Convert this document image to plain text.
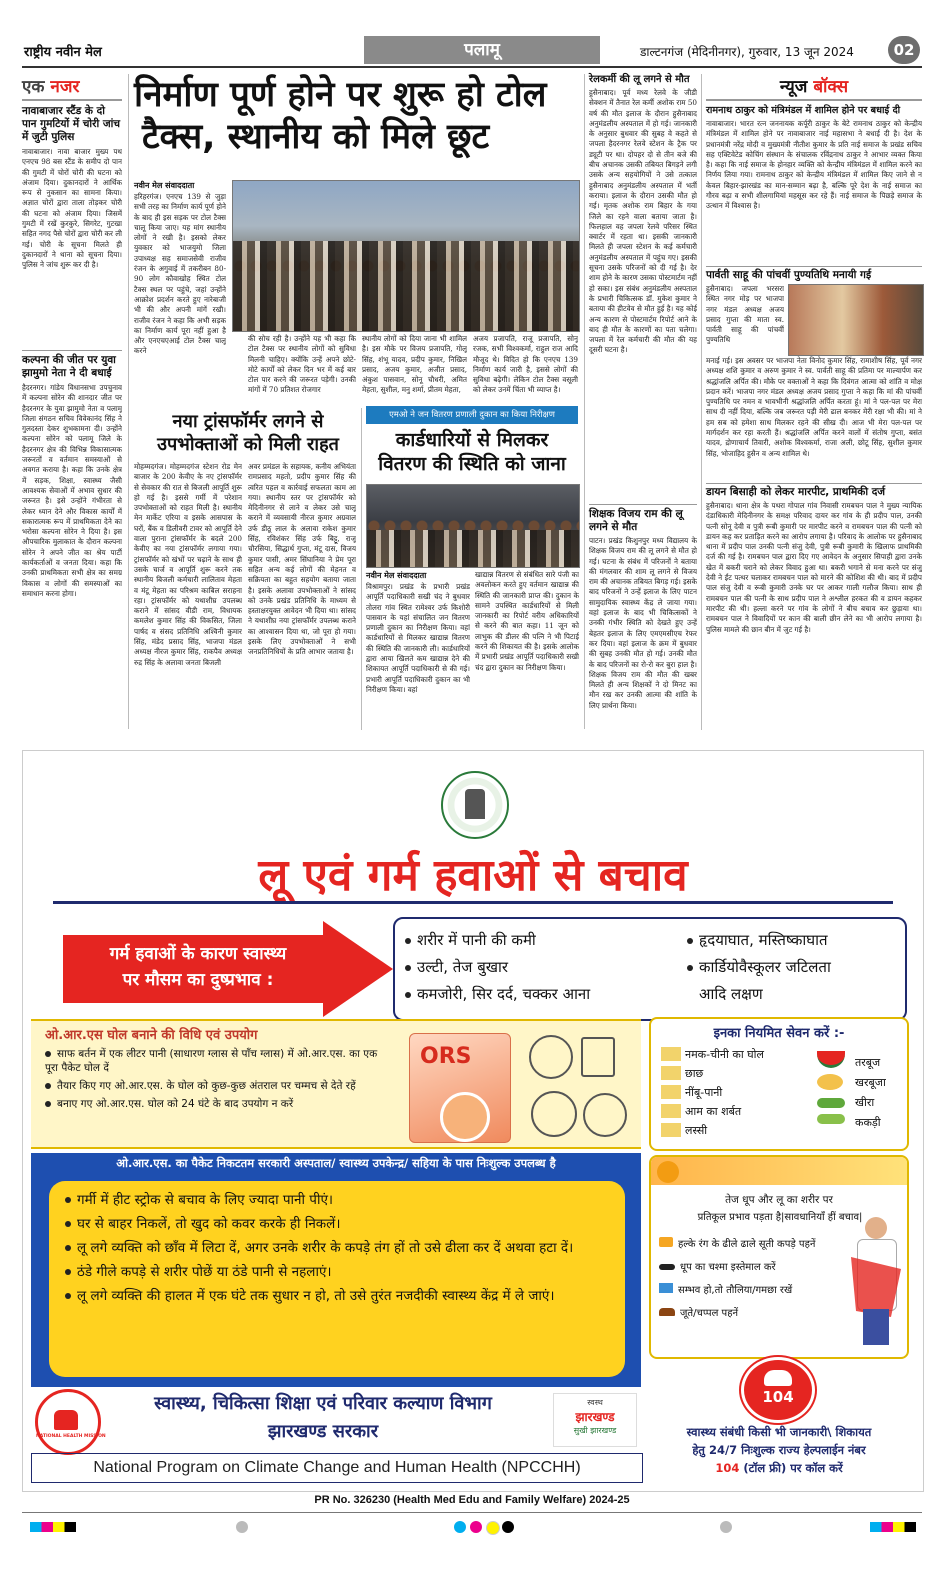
राष्ट्रीय नवीन मेल	पलामू	डाल्टनगंज (मेदिनीनगर), गुरुवार, 13 जून 2024	02
एक नजर
नावाबाजार स्टैंड के दो पान गुमटियों में चोरी जांच में जुटी पुलिस
नावाबाजार। नावा बाजार मुख्य पथ एनएच 98 बस स्टैंड के समीप दो पान की गुमटी में चोरों चोरी की घटना को अंजाम दिया। दुकानदारों ने आर्थिक रूप से नुकसान का सामना किया। अज्ञात चोरों द्वारा ताला तोड़कर चोरी की घटना को अंजाम दिया। जिसमें गुमटी में रखें कुरकुरे, सिगरेट, गुटखा सहित नगद पैसे चोरों द्वारा चोरी कर ली गई। चोरी के सूचना मिलते ही दुकानदारों ने थाना को सूचना दिया। पुलिस ने जांच शुरू कर दी है।
कल्पना की जीत पर युवा झामुमो नेता ने दी बधाई
हैदरनगर। गांडेय विधानसभा उपचुनाव में कल्पना सोरेन की शानदार जीत पर हैदरनगर के युवा झामुमो नेता व पलामू जिला संगठन सचिव विवेकानंद सिंह ने गुलदस्ता देकर शुभकामना दी। उन्होंने कल्पना सोरेन को पलामू जिले के हैदरनगर क्षेत्र की विभिन्न विकासात्मक जरूरतों व वर्तमान समस्याओं से अवगत कराया है। कहा कि उनके क्षेत्र में सड़क, शिक्षा, स्वास्थ्य जैसी आवश्यक सेवाओं में अभाव सुधार की जरूरत है। इसे उन्होंने गंभीरता से लेकर ध्यान देने और विकास कार्यों में सकारात्मक रूप में प्राथमिकता देने का भरोसा कल्पना सोरेन ने दिया है। इस औपचारिक मुलाकात के दौरान कल्पना सोरेन ने अपने जीत का श्रेय पार्टी कार्यकर्ताओं व जनता दिया। कहा कि उनकी प्राथमिकता सभी क्षेत्र का समग्र विकास व लोगों की समस्याओं का समाधान करना होगा।
निर्माण पूर्ण होने पर शुरू हो टोल
टैक्स, स्थानीय को मिले छूट
नवीन मेल संवाददाता
हरिहरगंज। एनएच 139 से जुड़ा सभी तरह का निर्माण कार्य पूर्ण होने के बाद ही इस सड़क पर टोल टैक्स चालू किया जाए। यह मांग स्थानीय लोगों ने रखी है। इसको लेकर युवकार को भाजयुमो जिला उपाध्यक्ष सह समाजसेवी राजीव रंजन के अगुवाई में तकरीबन 80-90 लोग कौवाखोह स्थित टोल टैक्स स्थल पर पहुंचे, जहां उन्होंने आक्रोश प्रदर्शन करते हुए नारेबाजी भी की और अपनी मांगें रखी। राजीव रंजन ने कहा कि अभी सड़क का निर्माण कार्य पूरा नहीं हुआ है और एनएचएआई टोल टैक्स चालू करने
की सोच रही है। उन्होंने यह भी कहा कि टोल टैक्स पर स्थानीय लोगों को सुविधा मिलनी चाहिए। क्योंकि उन्हें अपने छोटे-मोटे कार्यों को लेकर दिन भर में कई बार टोल पार करने की जरूरत पड़ेगी। उनकी मांगों में 70 प्रतिशत रोजगार
स्थानीय लोगों को दिया जाना भी शामिल है। इस मौके पर विजय प्रजापति, गोलू सिंह, शंभू यादव, प्रदीप कुमार, निखिल प्रसाद, अजय कुमार, अजीत प्रसाद, अंकुश पासवान, सोनू चौधरी, अमित मेहता, सुशील, मनु शर्मा, प्रीतम मेहता,
अजय प्रजापति, राजू प्रजापति, सोनू रजक, सभी विश्वकर्मा, राहुल राज आदि मौजूद थे। विदित हो कि एनएच 139 निर्माण कार्य जारी है, इससे लोगों की सुविधा बढ़ेगी। लेकिन टोल टैक्स वसूली को लेकर उनमें चिंता भी व्याप्त है।
नया ट्रांसफॉर्मर लगने से
उपभोक्ताओं को मिली राहत
मोहम्मदगंज। मोहम्मदगंज स्टेशन रोड मेन बाजार के 200 केवीए के नए ट्रांसफॉर्मर से सेवकार की रात से बिजली आपूर्ति शुरू हो गई है। इससे गर्मी में परेशान उपभोक्ताओं को राहत मिली है। स्थानीय मेन मार्केट एरिया व इसके आसपास के घरों, बैंक व डिलीवरी टावर को आपूर्ति देने वाला पुराना ट्रांसफॉर्मर के बदले 200 केवीए का नया ट्रांसफॉर्मर लगाया गया। ट्रांसफॉर्मर को खंभों पर चढ़ाने के साथ ही उसके चार्ज व आपूर्ति शुरू करने तक स्थानीय बिजली कर्मचारी लालिताव मेहता व मंटू मेहता का परिश्रम काबिल सराहना रहा। ट्रांसफॉर्मर को यथाशीघ्र उपलब्ध कराने में सांसद वीडी राम, विधायक कमलेश कुमार सिंह की विकसित, जिला पार्षद व संसद प्रतिनिधि अश्विनी कुमार सिंह, मंडेद प्रसाद सिंह, भाजपा मंडल अध्यक्ष नीरज कुमार सिंह, राकपैव अध्यक्ष रुद्र सिंह के अलावा जनता बिजली
अवर प्रमंडल के सहायक, कनीय अभियंता रामप्रसाद महतो, प्रदीप कुमार सिंह की त्वरित पहल व कार्रवाई सफलता काम आ गया। स्थानीय स्तर पर ट्रांसफॉर्मर को मेदिनीनगर से लाने व लेकर उसे चालू कराने में व्यवसायी नीरज कुमार अग्रवाल उर्फ डीठू लाल के अलावा राकेश कुमार सिंह, रविशंकर सिंह उर्फ बिट्टू, राजू चौरसिया, सिद्धार्थ गुप्ता, मंटू दास, विजय कुमार पासी, अमर सिंघानिया ने प्रेम पूरा सहित अन्य कई लोगों की मेहनत व सक्रियता का बहुत सहयोग बताया जाता है। इसके अलावा उपभोक्ताओं ने सांसद को उनके प्रखंड प्रतिनिधि के माध्यम से हस्ताक्षरयुक्त आवेदन भी दिया था। सांसद ने यथाशीघ्र नया ट्रांसफॉर्मर उपलब्ध कराने का आश्वासन दिया था, जो पूरा हो गया। इसके लिए उपभोक्ताओं ने सभी जनप्रतिनिधियों के प्रति आभार जताया है।
एमओ ने जन वितरण प्रणाली दुकान का किया निरीक्षण
कार्डधारियों से मिलकर
वितरण की स्थिति को जाना
नवीन मेल संवाददाता
विश्रामपुर। प्रखंड के प्रभारी प्रखंड आपूर्ति पदाधिकारी सखी चंद ने बुधवार तोलरा गांव स्थित रामेश्वर उर्फ किशोरी पासवान के यहां संचालित जन वितरण प्रणाली दुकान का निरीक्षण किया। वहां कार्डधारियों से मिलकर खाद्यान्न वितरण की स्थिति की जानकारी ली। कार्डधारियों द्वारा आया खिलते कम खाद्यान्न देने की शिकायत आपूर्ति पदाधिकारी से की गई। प्रभारी आपूर्ति पदाधिकारी दुकान का भी निरीक्षण किया। वहां
खाद्यान्न वितरण से संबंधित सारे पंजी का अवलोकन करते हुए वर्तमान खाद्यान्न की स्थिति की जानकारी प्राप्त की। दुकान के सामने उपस्थित कार्डधारियों से मिली जानकारी का रिपोर्ट वरीय अधिकारियों से करने की बात कहा। 11 जून को लाभुक की डीलर की पत्नि ने भी पिटाई करने की शिकायत की है। इसके आलोक में प्रभारी प्रखंड आपूर्ति पदाधिकारी सखी चंद द्वारा दुकान का निरीक्षण किया।
रेलकर्मी की लू लगने से मौत
हुसैनाबाद। पूर्व मध्य रेलवे के जीडी सेक्शन में तैनात रेल कर्मी अशोक राम 50 वर्ष की मौत इलाज के दौरान हुसैनाबाद अनुमंडलीय अस्पताल में हो गई। जानकारी के अनुसार बुधवार की सुबह वे कहते से जपला हैदरनगर रेलवे स्टेशन के ट्रैक पर ड्यूटी पर था। दोपहर दो से तीन बजे की बीच अचानक उसकी तबियत बिगड़ने लगी उसके अन्य सहयोगियों ने उसे तत्काल हुसैनाबाद अनुमंडलीय अस्पताल में भर्ती कराया। इलाज के दौरान उसकी मौत हो गई। मृतक अशोक राम बिहार के गया जिले का रहने वाला बताया जाता है। फिलहाल वह जपला रेलवे परिसर स्थित क्वार्टर में रहता था। इसकी जानकारी मिलते ही जपला स्टेशन के कई कर्मचारी अनुमंडलीय अस्पताल में पहुंच गए। इसकी सूचना उसके परिजनों को दी गई है। देर शाम होने के कारण उसका पोस्टमार्टम नहीं हो सका। इस संबंध अनुमंडलीय अस्पताल के प्रभारी चिकित्सक डॉ. मुकेश कुमार ने बताया की हीटवेव से मौत हुई है। यह कोई अन्य कारण से पोस्टमार्टम रिपोर्ट आने के बाद ही मौत के कारणों का पता चलेगा। जपला में रेल कर्मचारी की मौत की यह दूसरी घटना है।
शिक्षक विजय राम की लू लगने से मौत
पाटन। प्रखंड किशुनपुर मध्य विद्यालय के शिक्षक विजय राम की लू लगने से मौत हो गई। घटना के संबंध में परिजनों ने बताया की मंगलवार की शाम लू लगने से विजय राम की अचानक तबियत बिगड़ गई। इसके बाद परिजनों ने उन्हें इलाज के लिए पाटन सामुदायिक स्वास्थ्य केंद्र ले जाया गया। वहां इलाज के बाद भी चिकित्सकों ने उनकी गंभीर स्थिति को देखते हुए उन्हें बेहतर इलाज के लिए एमएमसीएच रेफर कर दिया। वहां इलाज के क्रम में बुधवार की सुबह उनकी मौत हो गई। उनकी मौत के बाद परिजनों का रो-रो कर बुरा हाल है। शिक्षक विजय राम की मौत की खबर मिलते ही अन्य शिक्षकों ने दो मिनट का मौन रख कर उनकी आत्मा की शांति के लिए प्रार्थना किया।
न्यूज बॉक्स
रामनाथ ठाकुर को मंत्रिमंडल में शामिल होने पर बधाई दी
नावाबाजार। भारत रत्न जननायक कर्पूरी ठाकुर के बेटे रामनाथ ठाकुर को केन्द्रीय मंत्रिमंडल में शामिल होने पर नावाबाजार नाई महासभा ने बधाई दी है। देश के प्रधानमंत्री नरेंद्र मोदी व मुख्यमंत्री नीतीश कुमार के प्रति नाई समाज के प्रखंड सचिव सह एक्टिवेटेड कोचिंग संस्थान के संचालक रविंद्रनाथ ठाकुर ने आभार व्यक्त किया है। कहा कि नाई समाज के होनहार व्यक्ति को केन्द्रीय मंत्रिमंडल में शामिल करने का निर्णय लिया गया। रामनाथ ठाकुर को केन्द्रीय मंत्रिमंडल में शामिल किए जाने से न केवल बिहार-झारखंड का मान-सम्मान बढ़ा है, बल्कि पूरे देश के नाई समाज का गौरव बढ़ा व सभी शीलगामियां महसूस कर रहे हैं। नाई समाज के पिछड़े समाज के उत्थान में विश्वास है।
पार्वती साहू की पांचवीं पुण्यतिथि मनायी गई
हुसैनाबाद। जपला भरसरा स्थित नगर मोड़ पर भाजपा नगर मंडल अध्यक्ष अजय प्रसाद गुप्ता की माता स्व. पार्वती साहू की पांचवीं पुण्यतिथि
मनाई गई। इस अवसर पर भाजपा नेता विनोद कुमार सिंह, रामाशीष सिंह, पूर्व नगर अध्यक्ष शशि कुमार व अरुण कुमार ने स्व. पार्वती साहू की प्रतिमा पर माल्यार्पण कर श्रद्धांजलि अर्पित की। मौके पर वक्ताओं ने कहा कि दिवंगत आत्मा को शांति व मोक्ष प्रदान करें। भाजपा नगर मंडल अध्यक्ष अजय प्रसाद गुप्ता ने कहा कि मां की पांचवीं पुण्यतिथि पर नमन व भावभीनी श्रद्धांजलि अर्पित करता हूं। मां ने पल-पल पर मेरा साथ दी नहीं दिया, बल्कि जब जरूरत पड़ी मेरी ढाल बनकर मेरी रक्षा भी की। मां ने हम सब को हमेशा साथ मिलकर रहने की सीख दी। आज भी मेरा पल-पल पर मार्गदर्शन कर रहा करती हैं। श्रद्धांजलि अर्पित करने वालों में संतोष गुप्ता, बसंत यादव, द्रोणाचार्य तिवारी, अशोक विश्वकर्मा, राजा अली, छोटू सिंह, सुशील कुमार सिंह, भोजाहिद हुसैन व अन्य शामिल थे।
डायन बिसाही को लेकर मारपीट, प्राथमिकी दर्ज
हुसैनाबाद। थाना क्षेत्र के पथरा गोपाल गांव निवासी रामबचन पाल ने मुख्य न्यायिक दंडाधिकारी मेदिनीनगर के समक्ष परिवाद दायर कर गांव के ही प्रदीप पाल, उनकी पत्नी सोनू देवी व पुत्री रूबी कुमारी पर मारपीट करने व रामबचन पाल की पत्नी को डायन कह कर प्रताड़ित करने का आरोप लगाया है। परिवाद के आलोक पर हुसैनाबाद थाना में प्रदीप पाल उनकी पत्नी संजु देवी, पुत्री रूबी कुमारी के खिलाफ प्राथमिकी दर्ज की गई है। रामबचन पाल द्वारा दिए गए आवेदन के अनुसार सिपाही द्वारा उनके खेत में बकरी चराने को लेकर विवाद हुआ था। बकरी भगाने से मना करने पर संजु देवी ने ईंट पत्थर चलाकर रामबचन पाल को मारने की कोशिश की थी। बाद में प्रदीप पाल संजु देवी व रूबी कुमारी उनके घर पर आकर गाली गलौज किया। साथ ही रामबचन पाल की पत्नी के साथ प्रदीप पाल ने अश्लील हरकत की व डायन कहकर मारपीट की थी। हल्ला करने पर गांव के लोगों ने बीच बचाव कर छुड़ाया था। रामबचन पाल ने विवादियों पर कान की बाली छीन लेने का भी आरोप लगाया है। पुलिस मामले की छान बीन में जुट गई है।
लू एवं गर्म हवाओं से बचाव
गर्म हवाओं के कारण स्वास्थ्य
पर मौसम का दुष्प्रभाव :
शरीर में पानी की कमी
उल्टी, तेज बुखार
कमजोरी, सिर दर्द, चक्कर आना
हृदयाघात, मस्तिष्काघात
कार्डियोवैस्कूलर जटिलता
आदि लक्षण
ओ.आर.एस घोल बनाने की विधि एवं उपयोग
साफ बर्तन में एक लीटर पानी (साधारण ग्लास से पाँच ग्लास) में ओ.आर.एस. का एक पूरा पैकेट घोल दें
तैयार किए गए ओ.आर.एस. के घोल को कुछ-कुछ अंतराल पर चम्मच से देते रहें
बनाए गए ओ.आर.एस. घोल को 24 घंटे के बाद उपयोग न करें
ORS
इनका नियमित सेवन करें :-
नमक-चीनी का घोल
छाछ
नींबू-पानी
आम का शर्बत
लस्सी
तरबूज
खरबूजा
खीरा
ककड़ी
ओ.आर.एस. का पैकेट निकटतम सरकारी अस्पताल/ स्वास्थ्य उपकेन्द्र/ सहिया के पास निःशुल्क उपलब्ध है
गर्मी में हीट स्ट्रोक से बचाव के लिए ज्यादा पानी पीएं।
घर से बाहर निकलें, तो खुद को कवर करके ही निकलें।
लू लगे व्यक्ति को छाँव में लिटा दें, अगर उनके शरीर के कपड़े तंग हों तो उसे ढीला कर दें अथवा हटा दें।
ठंडे गीले कपड़े से शरीर पोछें या ठंडे पानी से नहलाएं।
लू लगे व्यक्ति की हालत में एक घंटे तक सुधार न हो, तो उसे तुरंत नजदीकी स्वास्थ्य केंद्र में ले जाएं।
तेज धूप और लू का शरीर पर
प्रतिकूल प्रभाव पड़ता है|सावधानियाँ हीं बचाव|
हल्के रंग के ढीले ढाले सूती कपड़े पहनें
धूप का चश्मा इस्तेमाल करें
सम्भव हो,तो तौलिया/गमछा रखें
जूते/चप्पल पहनें
NATIONAL HEALTH MISSION
स्वास्थ्य, चिकित्सा शिक्षा एवं परिवार कल्याण विभाग
झारखण्ड सरकार
स्वस्थ
झारखण्ड
सुखी झारखण्ड
104
स्वास्थ्य संबंधी किसी भी जानकारी\ शिकायत
हेतु 24/7 निःशुल्क राज्य हेल्पलाईन नंबर
104 (टॉल फ्री) पर कॉल करें
National Program on Climate Change and Human Health (NPCCHH)
PR No. 326230 (Health Med Edu and Family Welfare) 2024-25
